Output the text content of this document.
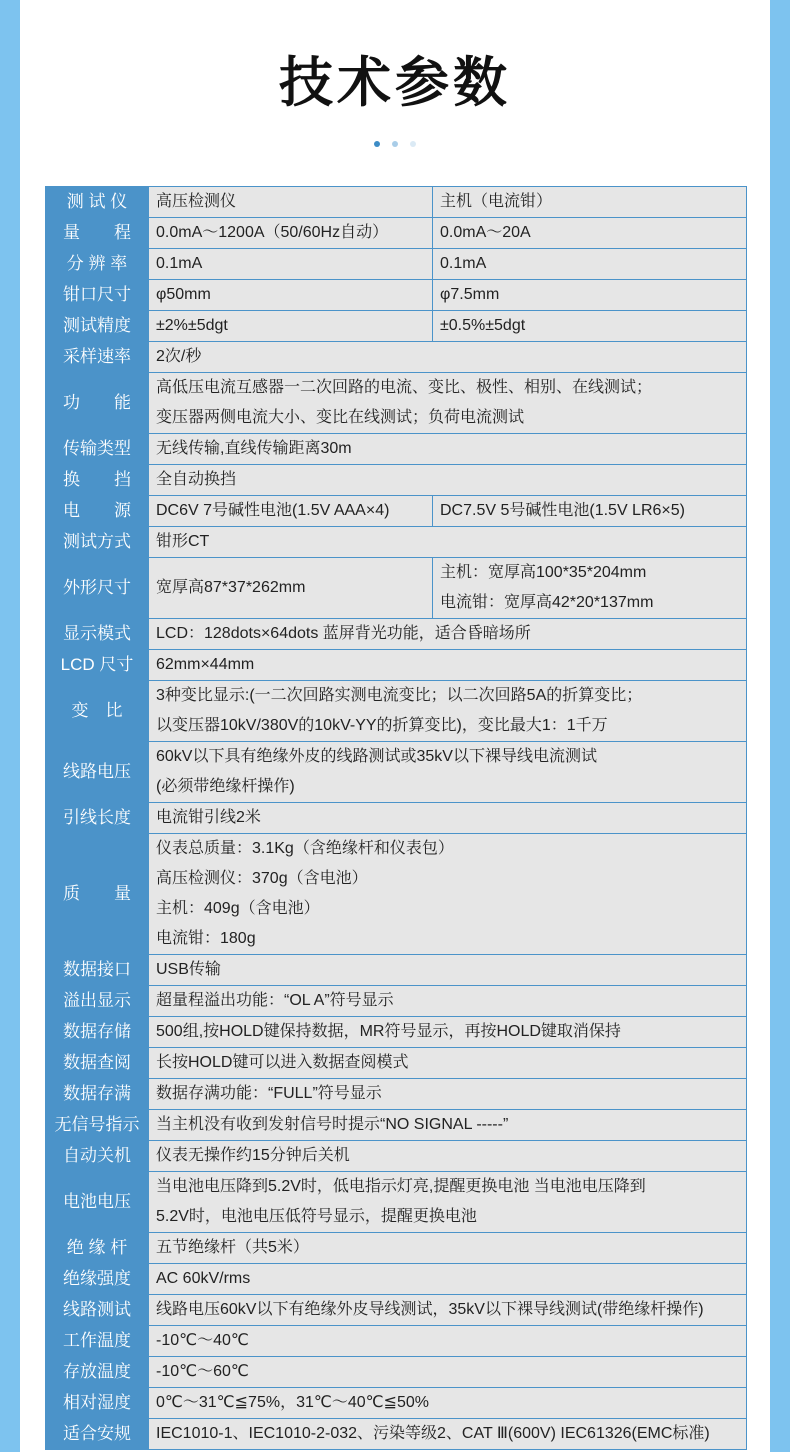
技术参数
测 试 仪	高压检测仪	主机（电流钳）
量　　程	0.0mA～1200A（50/60Hz自动）	0.0mA～20A
分 辨 率	0.1mA	0.1mA
钳口尺寸	φ50mm	φ7.5mm
测试精度	±2%±5dgt	±0.5%±5dgt
采样速率	2次/秒	
功　　能	高低压电流互感器一二次回路的电流、变比、极性、相别、在线测试；
变压器两侧电流大小、变比在线测试；负荷电流测试	

传输类型	无线传输,直线传输距离30m	
换　　挡	全自动换挡	
电　　源	DC6V 7号碱性电池(1.5V AAA×4)	DC7.5V 5号碱性电池(1.5V LR6×5)
测试方式	钳形CT	
外形尺寸	宽厚高87*37*262mm	主机：宽厚高100*35*204mm
电流钳：宽厚高42*20*137mm

显示模式	LCD：128dots×64dots 蓝屏背光功能，适合昏暗场所	
LCD 尺寸	62mm×44mm	
变　比	3种变比显示:(一二次回路实测电流变比；以二次回路5A的折算变比；
以变压器10kV/380V的10kV-YY的折算变比)，变比最大1：1千万	

线路电压	60kV以下具有绝缘外皮的线路测试或35kV以下裸导线电流测试
(必须带绝缘杆操作)	

引线长度	电流钳引线2米	
质　　量	仪表总质量：3.1Kg（含绝缘杆和仪表包）
高压检测仪：370g（含电池）
主机：409g（含电池）
电流钳：180g	

数据接口	USB传输	
溢出显示	超量程溢出功能：“OL A”符号显示	
数据存储	500组,按HOLD键保持数据，MR符号显示，再按HOLD键取消保持	
数据查阅	长按HOLD键可以进入数据查阅模式	
数据存满	数据存满功能：“FULL”符号显示	
无信号指示	当主机没有收到发射信号时提示“NO SIGNAL -----”	
自动关机	仪表无操作约15分钟后关机	
电池电压	当电池电压降到5.2V时，低电指示灯亮,提醒更换电池 当电池电压降到
5.2V时，电池电压低符号显示，提醒更换电池	

绝 缘 杆	五节绝缘杆（共5米）	
绝缘强度	AC 60kV/rms	
线路测试	线路电压60kV以下有绝缘外皮导线测试，35kV以下裸导线测试(带绝缘杆操作)	
工作温度	-10℃～40℃	
存放温度	-10℃～60℃	
相对湿度	0℃～31℃≦75%，31℃～40℃≦50%	
适合安规	IEC1010-1、IEC1010-2-032、污染等级2、CAT Ⅲ(600V) IEC61326(EMC标准)	
